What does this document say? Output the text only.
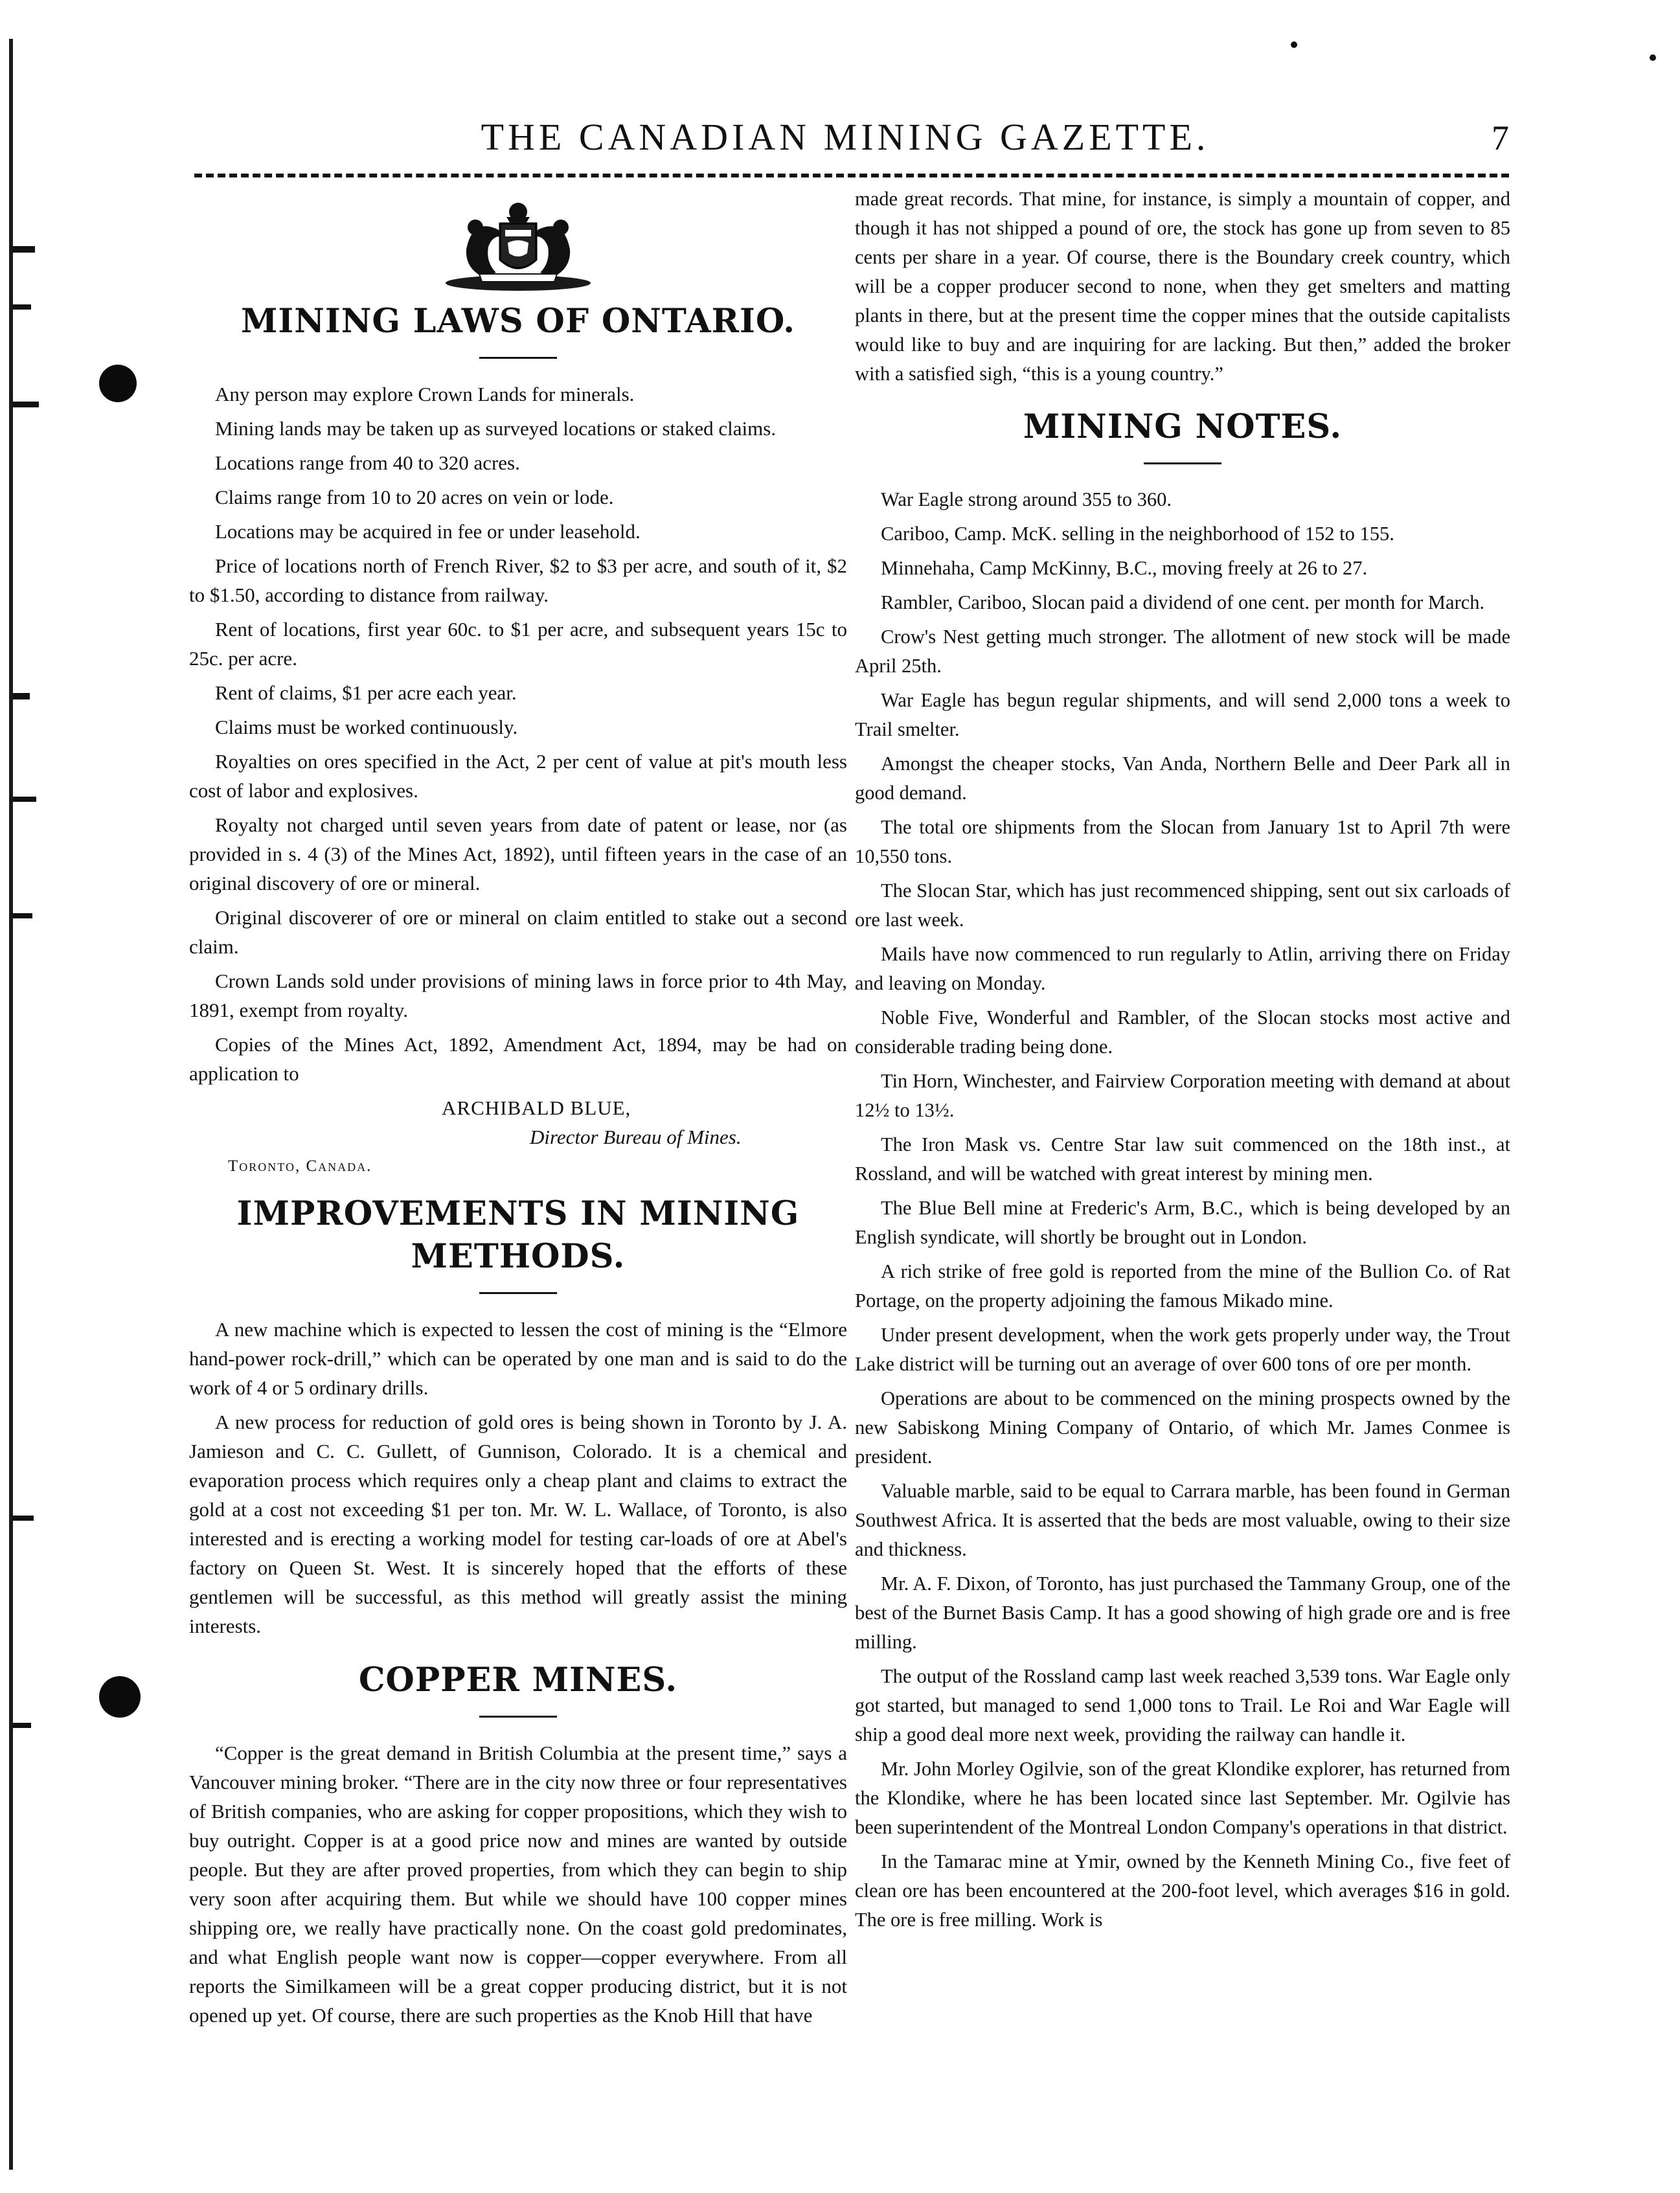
THE CANADIAN MINING GAZETTE.	7
MINING LAWS OF ONTARIO.

Any person may explore Crown Lands for minerals.

Mining lands may be taken up as surveyed locations or staked claims.

Locations range from 40 to 320 acres.

Claims range from 10 to 20 acres on vein or lode.

Locations may be acquired in fee or under leasehold.

Price of locations north of French River, $2 to $3 per acre, and south of it, $2 to $1.50, according to distance from railway.

Rent of locations, first year 60c. to $1 per acre, and subsequent years 15c to 25c. per acre.

Rent of claims, $1 per acre each year.

Claims must be worked continuously.

Royalties on ores specified in the Act, 2 per cent of value at pit's mouth less cost of labor and explosives.

Royalty not charged until seven years from date of patent or lease, nor (as provided in s. 4 (3) of the Mines Act, 1892), until fifteen years in the case of an original discovery of ore or mineral.

Original discoverer of ore or mineral on claim entitled to stake out a second claim.

Crown Lands sold under provisions of mining laws in force prior to 4th May, 1891, exempt from royalty.

Copies of the Mines Act, 1892, Amendment Act, 1894, may be had on application to

ARCHIBALD BLUE,

Director Bureau of Mines.

Toronto, Canada.

IMPROVEMENTS IN MINING
METHODS.

A new machine which is expected to lessen the cost of mining is the “Elmore hand-power rock-drill,” which can be operated by one man and is said to do the work of 4 or 5 ordinary drills.

A new process for reduction of gold ores is being shown in Toronto by J. A. Jamieson and C. C. Gullett, of Gunnison, Colorado. It is a chemical and evaporation process which requires only a cheap plant and claims to extract the gold at a cost not exceeding $1 per ton. Mr. W. L. Wallace, of Toronto, is also interested and is erecting a working model for testing car-loads of ore at Abel's factory on Queen St. West. It is sincerely hoped that the efforts of these gentlemen will be successful, as this method will greatly assist the mining interests.

COPPER MINES.

“Copper is the great demand in British Columbia at the present time,” says a Vancouver mining broker. “There are in the city now three or four representatives of British companies, who are asking for copper propositions, which they wish to buy outright. Copper is at a good price now and mines are wanted by outside people. But they are after proved properties, from which they can begin to ship very soon after acquiring them. But while we should have 100 copper mines shipping ore, we really have practically none. On the coast gold predominates, and what English people want now is copper—copper everywhere. From all reports the Similkameen will be a great copper producing district, but it is not opened up yet. Of course, there are such properties as the Knob Hill that have

made great records. That mine, for instance, is simply a mountain of copper, and though it has not shipped a pound of ore, the stock has gone up from seven to 85 cents per share in a year. Of course, there is the Boundary creek country, which will be a copper producer second to none, when they get smelters and matting plants in there, but at the present time the copper mines that the outside capitalists would like to buy and are inquiring for are lacking. But then,” added the broker with a satisfied sigh, “this is a young country.”

MINING NOTES.

War Eagle strong around 355 to 360.

Cariboo, Camp. McK. selling in the neighborhood of 152 to 155.

Minnehaha, Camp McKinny, B.C., moving freely at 26 to 27.

Rambler, Cariboo, Slocan paid a dividend of one cent. per month for March.

Crow's Nest getting much stronger. The allotment of new stock will be made April 25th.

War Eagle has begun regular shipments, and will send 2,000 tons a week to Trail smelter.

Amongst the cheaper stocks, Van Anda, Northern Belle and Deer Park all in good demand.

The total ore shipments from the Slocan from January 1st to April 7th were 10,550 tons.

The Slocan Star, which has just recommenced shipping, sent out six carloads of ore last week.

Mails have now commenced to run regularly to Atlin, arriving there on Friday and leaving on Monday.

Noble Five, Wonderful and Rambler, of the Slocan stocks most active and considerable trading being done.

Tin Horn, Winchester, and Fairview Corporation meeting with demand at about 12½ to 13½.

The Iron Mask vs. Centre Star law suit commenced on the 18th inst., at Rossland, and will be watched with great interest by mining men.

The Blue Bell mine at Frederic's Arm, B.C., which is being developed by an English syndicate, will shortly be brought out in London.

A rich strike of free gold is reported from the mine of the Bullion Co. of Rat Portage, on the property adjoining the famous Mikado mine.

Under present development, when the work gets properly under way, the Trout Lake district will be turning out an average of over 600 tons of ore per month.

Operations are about to be commenced on the mining prospects owned by the new Sabiskong Mining Company of Ontario, of which Mr. James Conmee is president.

Valuable marble, said to be equal to Carrara marble, has been found in German Southwest Africa. It is asserted that the beds are most valuable, owing to their size and thickness.

Mr. A. F. Dixon, of Toronto, has just purchased the Tammany Group, one of the best of the Burnet Basis Camp. It has a good showing of high grade ore and is free milling.

The output of the Rossland camp last week reached 3,539 tons. War Eagle only got started, but managed to send 1,000 tons to Trail. Le Roi and War Eagle will ship a good deal more next week, providing the railway can handle it.

Mr. John Morley Ogilvie, son of the great Klondike explorer, has returned from the Klondike, where he has been located since last September. Mr. Ogilvie has been superintendent of the Montreal London Company's operations in that district.

In the Tamarac mine at Ymir, owned by the Kenneth Mining Co., five feet of clean ore has been encountered at the 200-foot level, which averages $16 in gold. The ore is free milling. Work is
